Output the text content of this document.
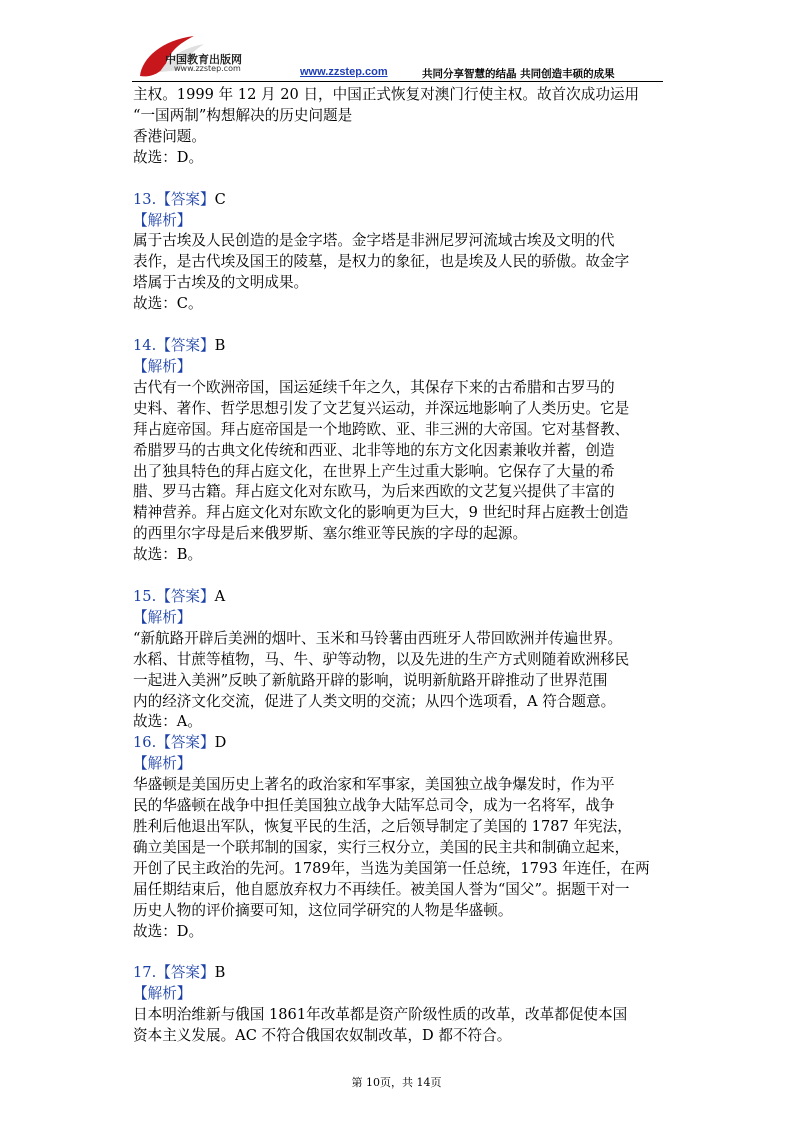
中国教育出版网
www.zzstep.com	www.zzstep.com	共同分享智慧的结晶 共同创造丰硕的成果

主权。1999 年 12 月 20 日，中国正式恢复对澳门行使主权。故首次成功运用

“一国两制”构想解决的历史问题是

香港问题。

故选：D。

13.【答案】C

【解析】

属于古埃及人民创造的是金字塔。金字塔是非洲尼罗河流域古埃及文明的代

表作，是古代埃及国王的陵墓，是权力的象征，也是埃及人民的骄傲。故金字

塔属于古埃及的文明成果。

故选：C。

14.【答案】B

【解析】

古代有一个欧洲帝国，国运延续千年之久，其保存下来的古希腊和古罗马的

史料、著作、哲学思想引发了文艺复兴运动，并深远地影响了人类历史。它是

拜占庭帝国。拜占庭帝国是一个地跨欧、亚、非三洲的大帝国。它对基督教、

希腊罗马的古典文化传统和西亚、北非等地的东方文化因素兼收并蓄，创造

出了独具特色的拜占庭文化，在世界上产生过重大影响。它保存了大量的希

腊、罗马古籍。拜占庭文化对东欧马，为后来西欧的文艺复兴提供了丰富的

精神营养。拜占庭文化对东欧文化的影响更为巨大，9 世纪时拜占庭教士创造

的西里尔字母是后来俄罗斯、塞尔维亚等民族的字母的起源。

故选：B。

15.【答案】A

【解析】

“新航路开辟后美洲的烟叶、玉米和马铃薯由西班牙人带回欧洲并传遍世界。

水稻、甘蔗等植物，马、牛、驴等动物，以及先进的生产方式则随着欧洲移民

一起进入美洲”反映了新航路开辟的影响，说明新航路开辟推动了世界范围

内的经济文化交流，促进了人类文明的交流；从四个选项看，A 符合题意。

故选：A。

16.【答案】D

【解析】

华盛顿是美国历史上著名的政治家和军事家，美国独立战争爆发时，作为平

民的华盛顿在战争中担任美国独立战争大陆军总司令，成为一名将军，战争

胜利后他退出军队，恢复平民的生活，之后领导制定了美国的 1787 年宪法，

确立美国是一个联邦制的国家，实行三权分立，美国的民主共和制确立起来，

开创了民主政治的先河。1789年，当选为美国第一任总统，1793 年连任，在两

届任期结束后，他自愿放弃权力不再续任。被美国人誉为“国父”。据题干对一

历史人物的评价摘要可知，这位同学研究的人物是华盛顿。

故选：D。

17.【答案】B

【解析】

日本明治维新与俄国 1861年改革都是资产阶级性质的改革，改革都促使本国

资本主义发展。AC 不符合俄国农奴制改革，D 都不符合。

第 10页，共 14页
